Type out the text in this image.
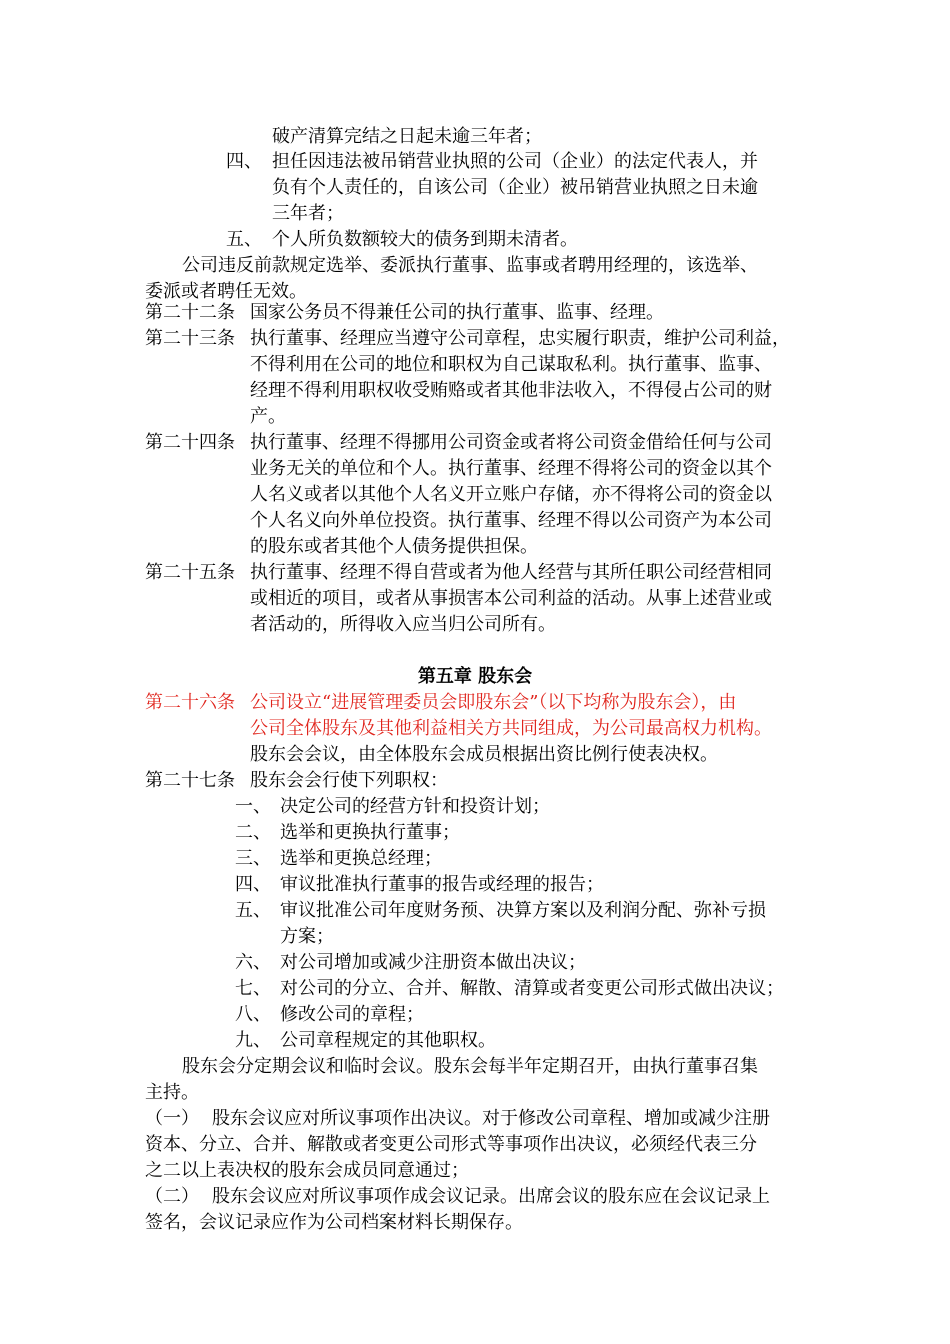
破产清算完结之日起未逾三年者；
四、 担任因违法被吊销营业执照的公司（企业）的法定代表人，并
负有个人责任的，自该公司（企业）被吊销营业执照之日未逾
三年者；
五、 个人所负数额较大的债务到期未清者。
公司违反前款规定选举、委派执行董事、监事或者聘用经理的，该选举、
委派或者聘任无效。
第二十二条 国家公务员不得兼任公司的执行董事、监事、经理。
第二十三条 执行董事、经理应当遵守公司章程，忠实履行职责，维护公司利益，
不得利用在公司的地位和职权为自己谋取私利。执行董事、监事、
经理不得利用职权收受贿赂或者其他非法收入，不得侵占公司的财
产。
第二十四条 执行董事、经理不得挪用公司资金或者将公司资金借给任何与公司
业务无关的单位和个人。执行董事、经理不得将公司的资金以其个
人名义或者以其他个人名义开立账户存储，亦不得将公司的资金以
个人名义向外单位投资。执行董事、经理不得以公司资产为本公司
的股东或者其他个人债务提供担保。
第二十五条 执行董事、经理不得自营或者为他人经营与其所任职公司经营相同
或相近的项目，或者从事损害本公司利益的活动。从事上述营业或
者活动的，所得收入应当归公司所有。
第五章 股东会
第二十六条 公司设立“进展管理委员会即股东会”（以下均称为股东会），由
公司全体股东及其他利益相关方共同组成，为公司最高权力机构。
股东会会议，由全体股东会成员根据出资比例行使表决权。
第二十七条 股东会会行使下列职权：
一、 决定公司的经营方针和投资计划；
二、 选举和更换执行董事；
三、 选举和更换总经理；
四、 审议批准执行董事的报告或经理的报告；
五、 审议批准公司年度财务预、决算方案以及利润分配、弥补亏损
方案；
六、 对公司增加或减少注册资本做出决议；
七、 对公司的分立、合并、解散、清算或者变更公司形式做出决议；
八、 修改公司的章程；
九、 公司章程规定的其他职权。
股东会分定期会议和临时会议。股东会每半年定期召开，由执行董事召集
主持。
（一） 股东会议应对所议事项作出决议。对于修改公司章程、增加或减少注册
资本、分立、合并、解散或者变更公司形式等事项作出决议，必须经代表三分
之二以上表决权的股东会成员同意通过；
（二） 股东会议应对所议事项作成会议记录。出席会议的股东应在会议记录上
签名，会议记录应作为公司档案材料长期保存。
